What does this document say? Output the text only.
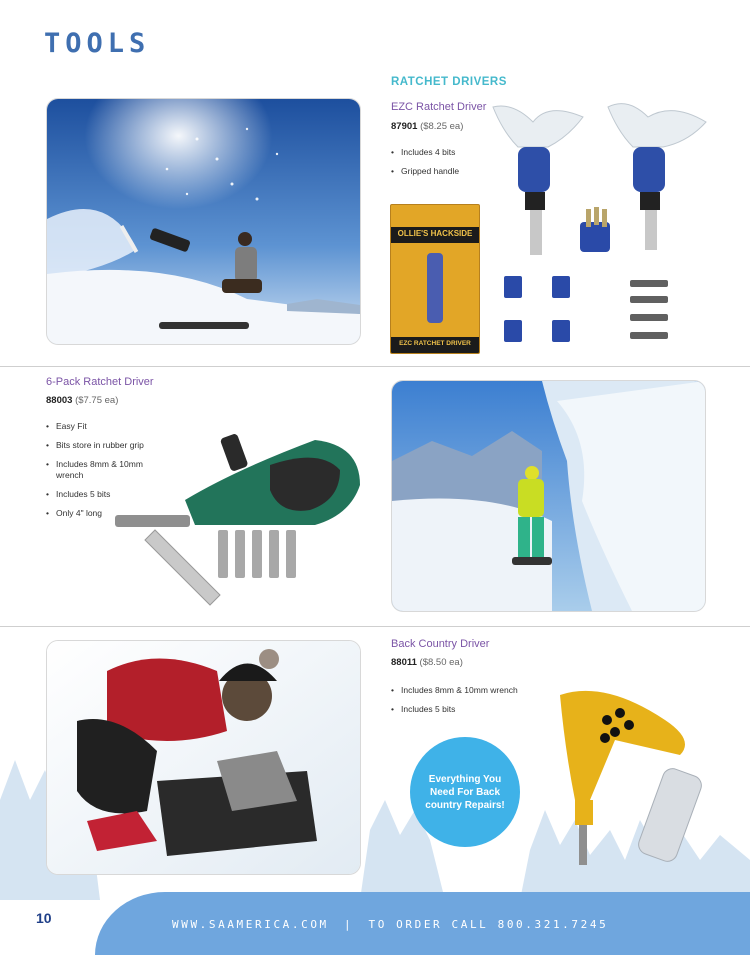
TOOLS
RATCHET DRIVERS
EZC Ratchet Driver
87901 ($8.25 ea)
• Includes 4 bits
• Gripped handle
OLLIE'S HACKSIDE
EZC RATCHET DRIVER
6-Pack Ratchet Driver
88003 ($7.75 ea)
• Easy Fit
• Bits store in rubber grip
• Includes 8mm & 10mm wrench
• Includes 5 bits
• Only 4" long
Back Country Driver
88011 ($8.50 ea)
• Includes 8mm & 10mm wrench
• Includes 5 bits
Everything You Need For Back country Repairs!
10	WWW.SAAMERICA.COM | TO ORDER CALL 800.321.7245
